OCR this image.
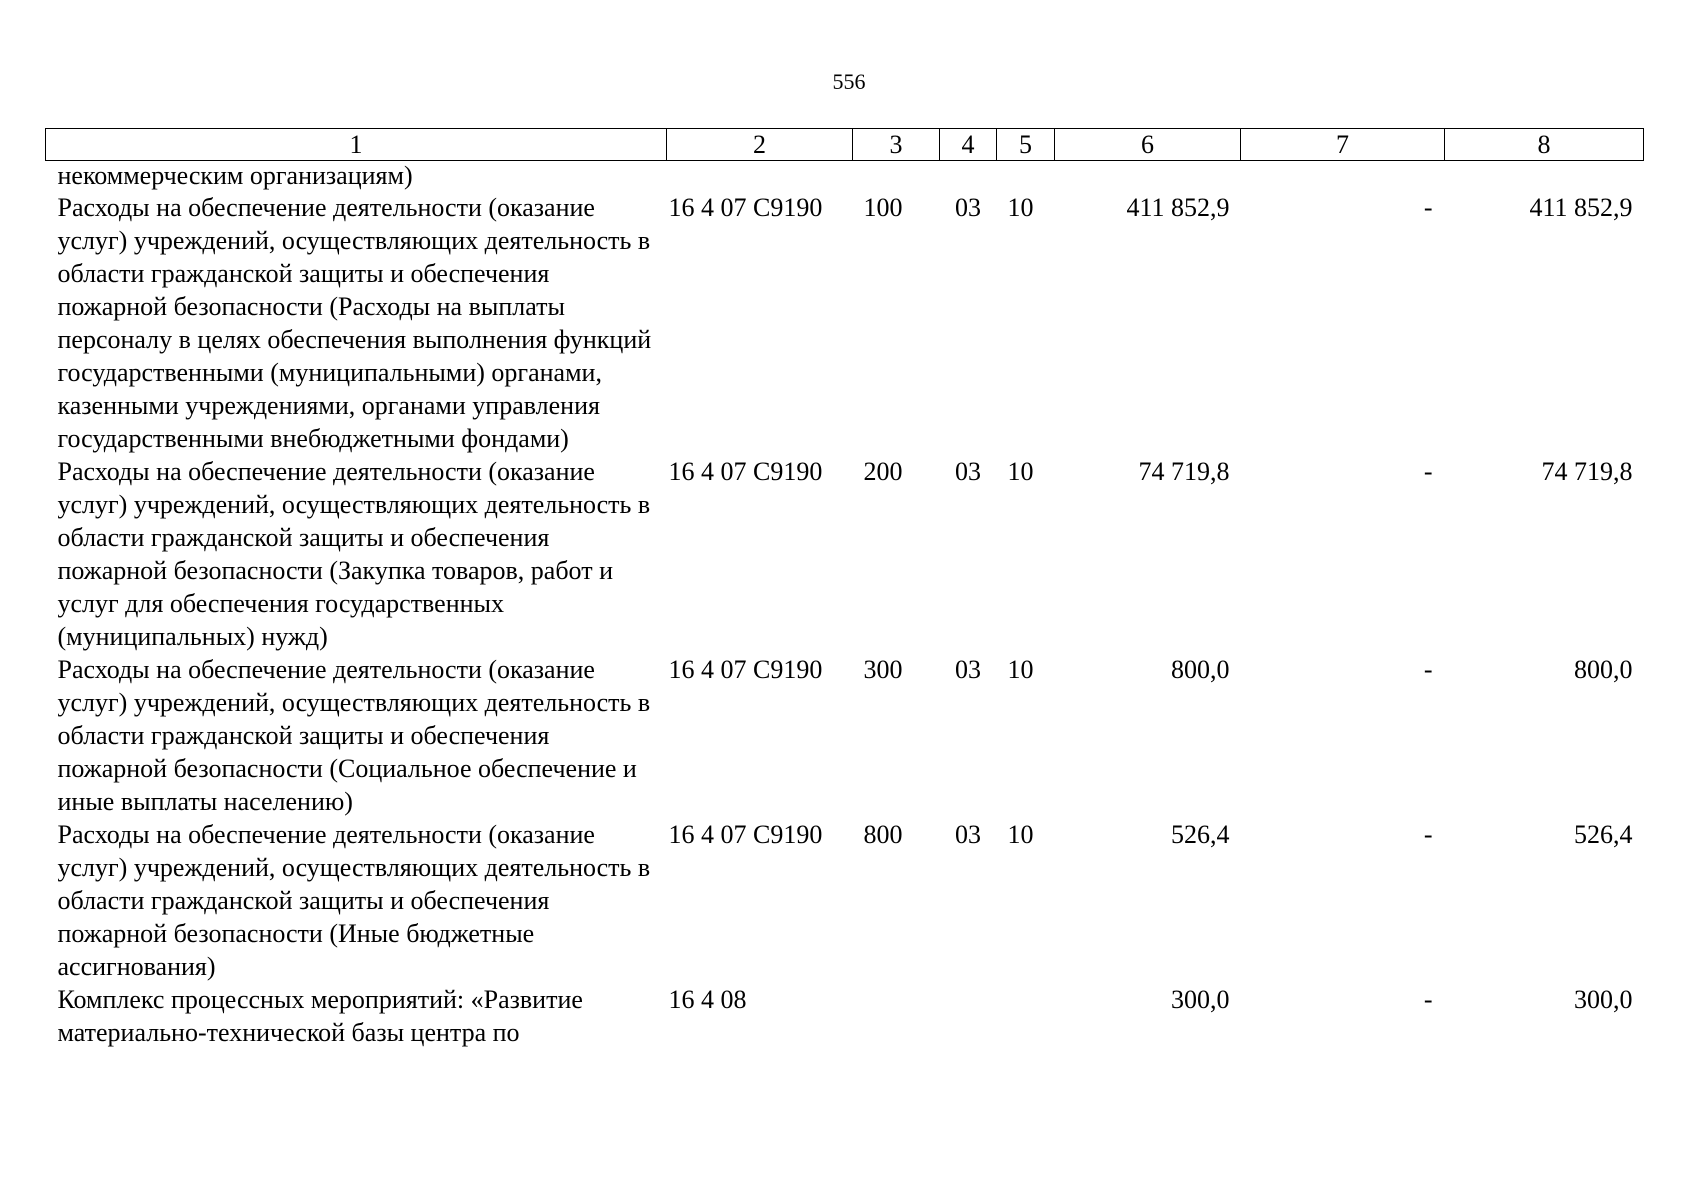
556
1	2	3	4	5	6	7	8
некоммерческим организациям)							
Расходы на обеспечение деятельности (оказание услуг) учреждений, осуществляющих деятельность в области гражданской защиты и обеспечения пожарной безопасности (Расходы на выплаты персоналу в целях обеспечения выполнения функций государственными (муниципальными) органами, казенными учреждениями, органами управления государственными внебюджетными фондами)	16 4 07 С9190	100	03	10	411 852,9	-	411 852,9
Расходы на обеспечение деятельности (оказание услуг) учреждений, осуществляющих деятельность в области гражданской защиты и обеспечения пожарной безопасности (Закупка товаров, работ и услуг для обеспечения государственных (муниципальных) нужд)	16 4 07 С9190	200	03	10	74 719,8	-	74 719,8
Расходы на обеспечение деятельности (оказание услуг) учреждений, осуществляющих деятельность в области гражданской защиты и обеспечения пожарной безопасности (Социальное обеспечение и иные выплаты населению)	16 4 07 С9190	300	03	10	800,0	-	800,0
Расходы на обеспечение деятельности (оказание услуг) учреждений, осуществляющих деятельность в области гражданской защиты и обеспечения пожарной безопасности (Иные бюджетные ассигнования)	16 4 07 С9190	800	03	10	526,4	-	526,4
Комплекс процессных мероприятий: «Развитие материально-технической базы центра по	16 4 08				300,0	-	300,0
